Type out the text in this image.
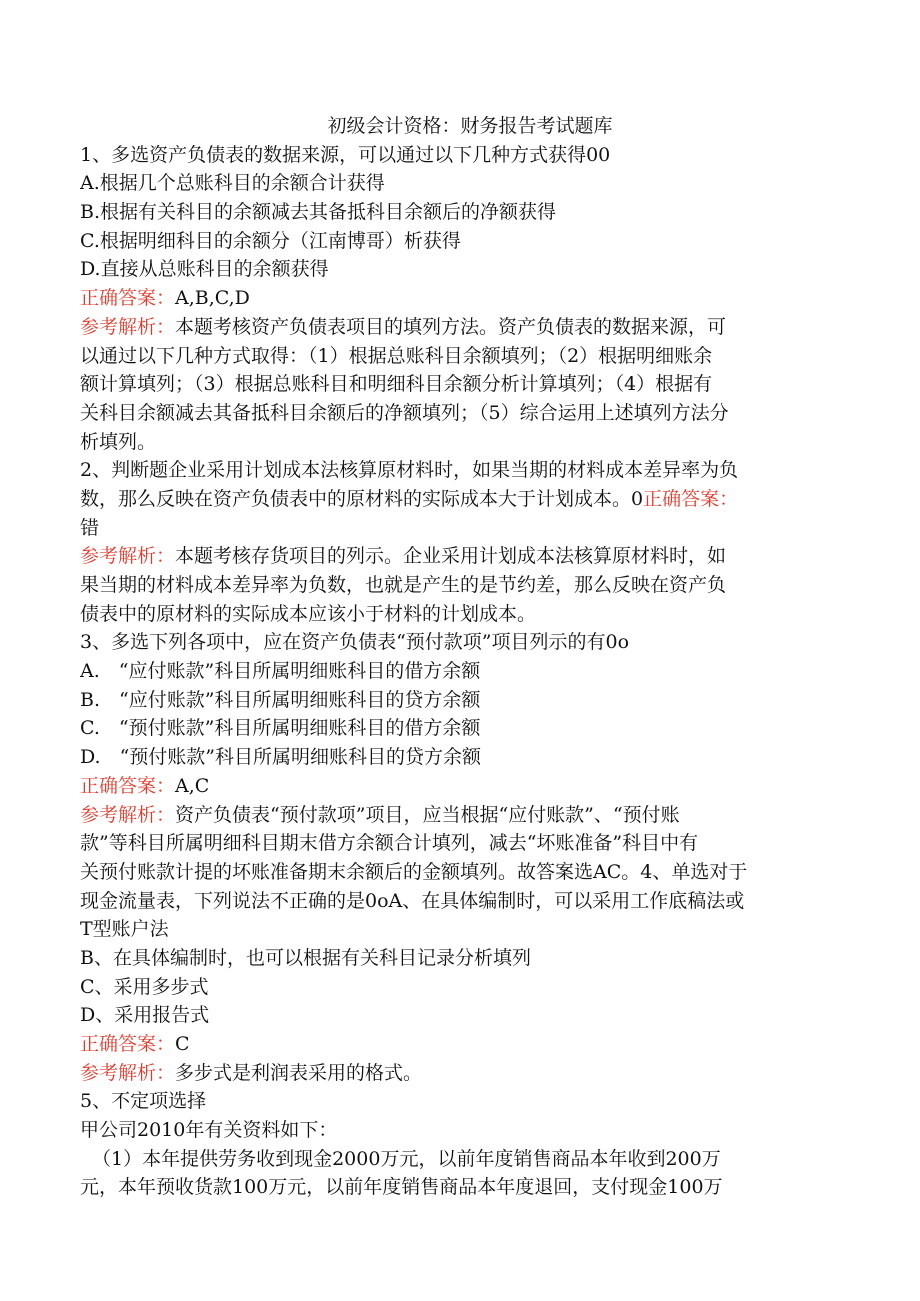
初级会计资格：财务报告考试题库
1、多选资产负债表的数据来源，可以通过以下几种方式获得00
A.根据几个总账科目的余额合计获得
B.根据有关科目的余额减去其备抵科目余额后的净额获得
C.根据明细科目的余额分（江南博哥）析获得
D.直接从总账科目的余额获得
正确答案：A,B,C,D
参考解析：本题考核资产负债表项目的填列方法。资产负债表的数据来源，可
以通过以下几种方式取得：（1）根据总账科目余额填列；（2）根据明细账余
额计算填列；（3）根据总账科目和明细科目余额分析计算填列；（4）根据有
关科目余额减去其备抵科目余额后的净额填列；（5）综合运用上述填列方法分
析填列。
2、判断题企业采用计划成本法核算原材料时，如果当期的材料成本差异率为负
数，那么反映在资产负债表中的原材料的实际成本大于计划成本。0正确答案：
错
参考解析：本题考核存货项目的列示。企业采用计划成本法核算原材料时，如
果当期的材料成本差异率为负数，也就是产生的是节约差，那么反映在资产负
债表中的原材料的实际成本应该小于材料的计划成本。
3、多选下列各项中，应在资产负债表“预付款项”项目列示的有0o
A.　“应付账款”科目所属明细账科目的借方余额
B.　“应付账款”科目所属明细账科目的贷方余额
C.　“预付账款”科目所属明细账科目的借方余额
D.　“预付账款”科目所属明细账科目的贷方余额
正确答案：A,C
参考解析：资产负债表“预付款项”项目，应当根据“应付账款”、“预付账
款”等科目所属明细科目期末借方余额合计填列，减去“坏账准备”科目中有
关预付账款计提的坏账准备期末余额后的金额填列。故答案选AC。4、单选对于
现金流量表，下列说法不正确的是0oA、在具体编制时，可以采用工作底稿法或
T型账户法
B、在具体编制时，也可以根据有关科目记录分析填列
C、采用多步式
D、采用报告式
正确答案：C
参考解析：多步式是利润表采用的格式。
5、不定项选择
甲公司2010年有关资料如下：
（1）本年提供劳务收到现金2000万元，以前年度销售商品本年收到200万
元，本年预收货款100万元，以前年度销售商品本年度退回，支付现金100万
